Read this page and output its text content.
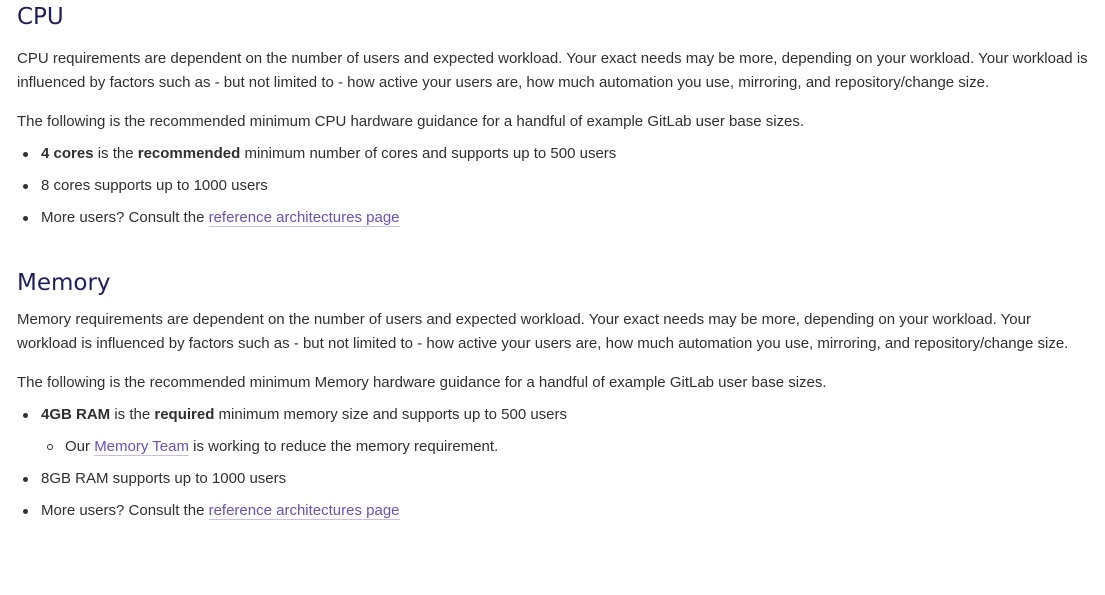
CPU

CPU requirements are dependent on the number of users and expected workload. Your exact needs may be more, depending on your workload. Your workload is influenced by factors such as - but not limited to - how active your users are, how much automation you use, mirroring, and repository/change size.

The following is the recommended minimum CPU hardware guidance for a handful of example GitLab user base sizes.

4 cores is the recommended minimum number of cores and supports up to 500 users
8 cores supports up to 1000 users
More users? Consult the reference architectures page
Memory

Memory requirements are dependent on the number of users and expected workload. Your exact needs may be more, depending on your workload. Your workload is influenced by factors such as - but not limited to - how active your users are, how much automation you use, mirroring, and repository/change size.

The following is the recommended minimum Memory hardware guidance for a handful of example GitLab user base sizes.

4GB RAM is the required minimum memory size and supports up to 500 users
Our Memory Team is working to reduce the memory requirement.
8GB RAM supports up to 1000 users
More users? Consult the reference architectures page
